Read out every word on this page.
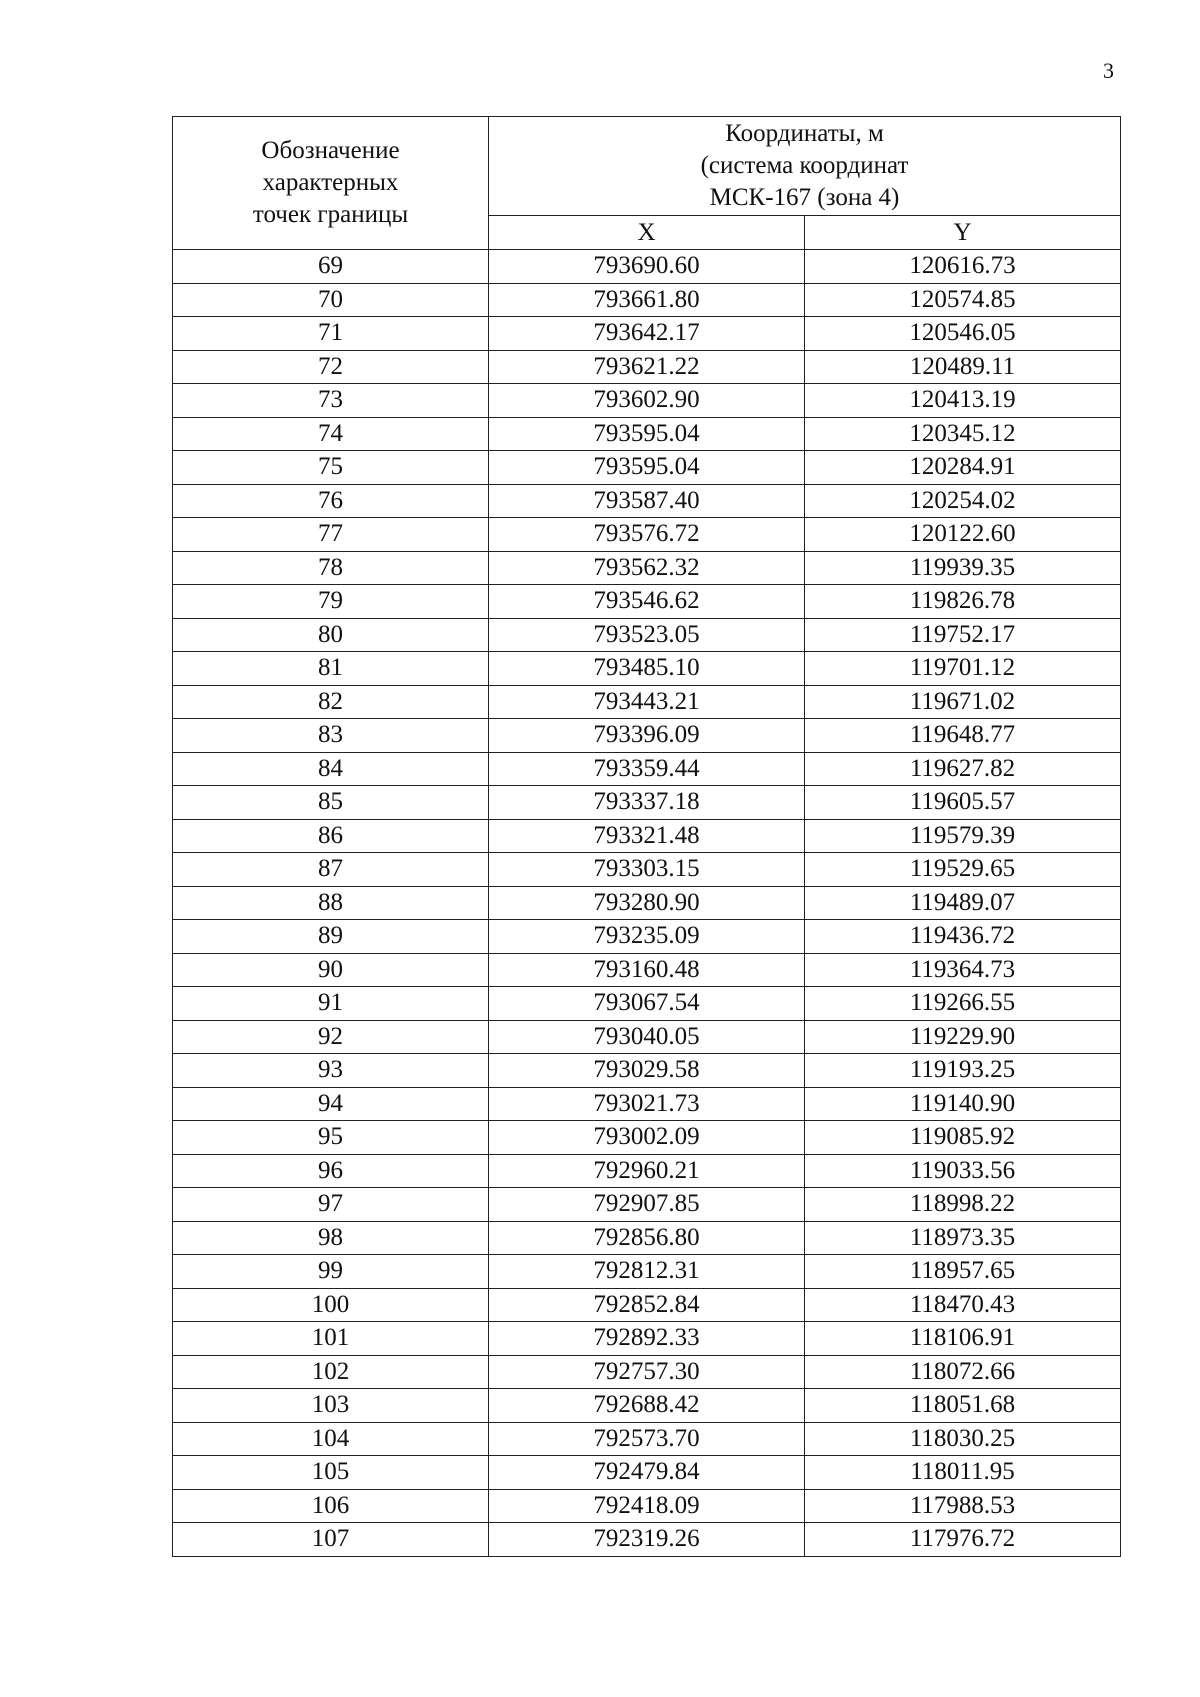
3
Обозначение
характерных
точек границы	Координаты, м
(система координат
МСК-167 (зона 4)	

	X	Y
69	793690.60	120616.73
70	793661.80	120574.85
71	793642.17	120546.05
72	793621.22	120489.11
73	793602.90	120413.19
74	793595.04	120345.12
75	793595.04	120284.91
76	793587.40	120254.02
77	793576.72	120122.60
78	793562.32	119939.35
79	793546.62	119826.78
80	793523.05	119752.17
81	793485.10	119701.12
82	793443.21	119671.02
83	793396.09	119648.77
84	793359.44	119627.82
85	793337.18	119605.57
86	793321.48	119579.39
87	793303.15	119529.65
88	793280.90	119489.07
89	793235.09	119436.72
90	793160.48	119364.73
91	793067.54	119266.55
92	793040.05	119229.90
93	793029.58	119193.25
94	793021.73	119140.90
95	793002.09	119085.92
96	792960.21	119033.56
97	792907.85	118998.22
98	792856.80	118973.35
99	792812.31	118957.65
100	792852.84	118470.43
101	792892.33	118106.91
102	792757.30	118072.66
103	792688.42	118051.68
104	792573.70	118030.25
105	792479.84	118011.95
106	792418.09	117988.53
107	792319.26	117976.72
